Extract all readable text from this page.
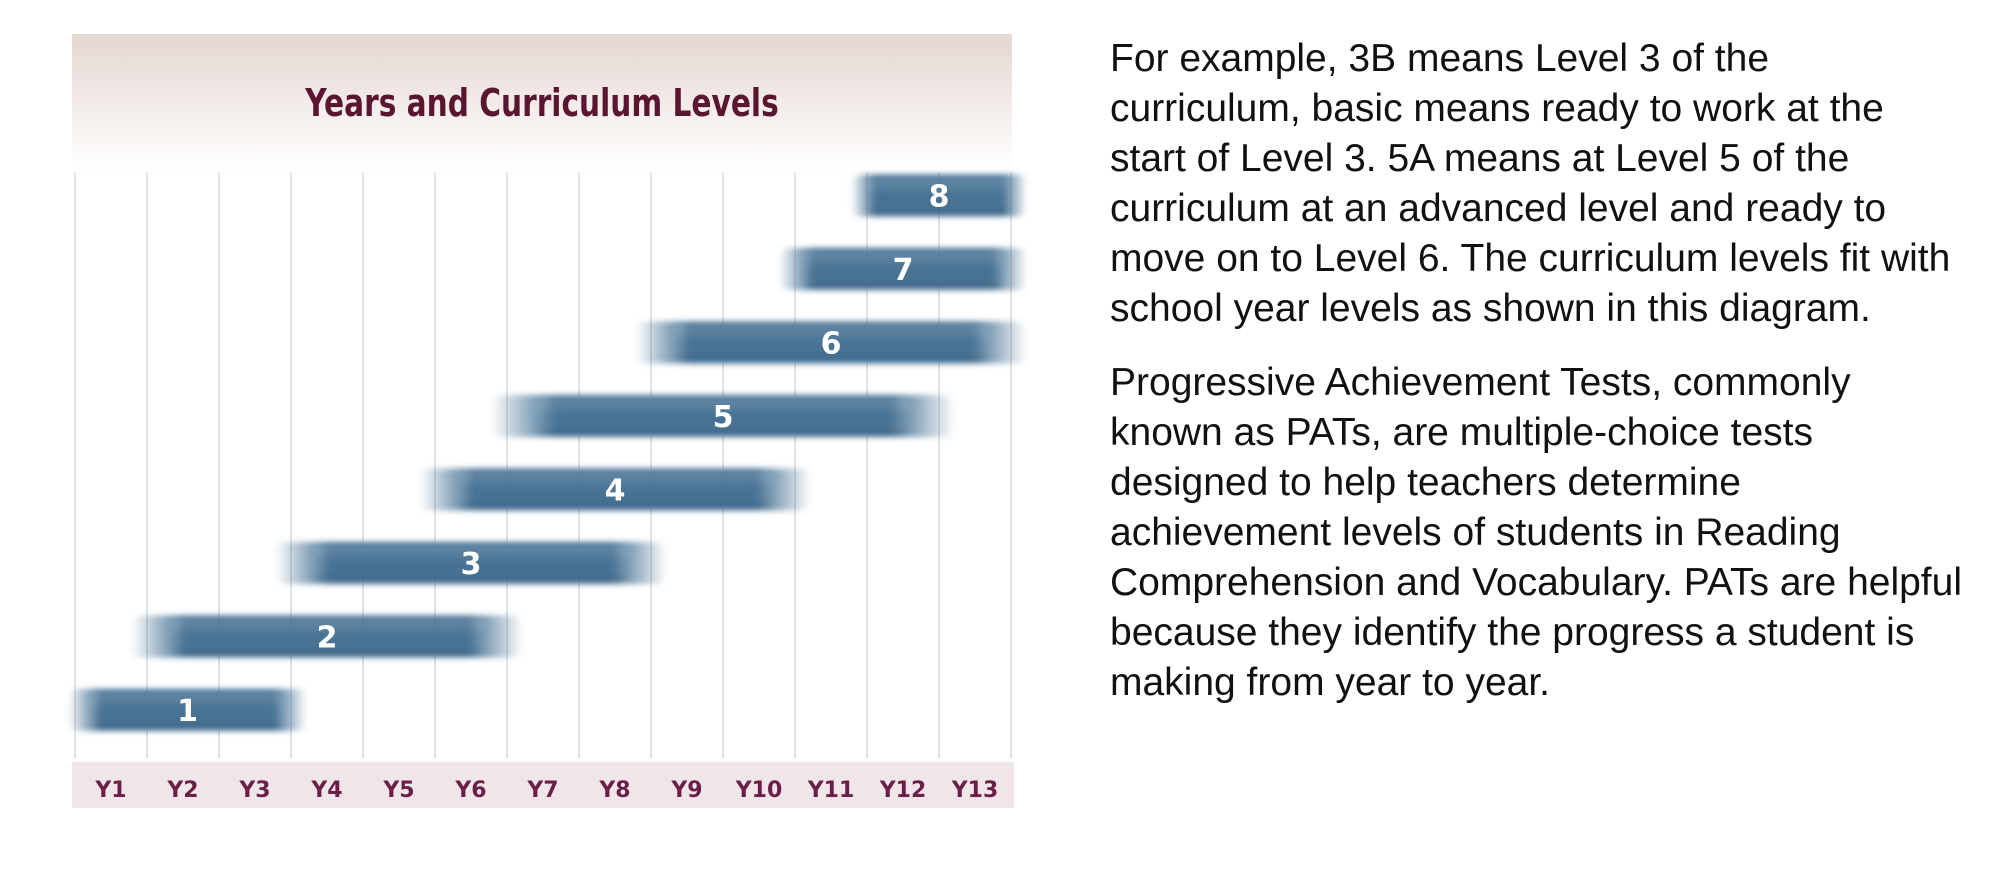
Years and Curriculum Levels
1
2
3
4
5
6
7
8
Y1 Y2 Y3 Y4 Y5 Y6 Y7 Y8 Y9 Y10 Y11 Y12 Y13

For example, 3B means Level 3 of the curriculum, basic means ready to work at the start of Level 3. 5A means at Level 5 of the curriculum at an advanced level and ready to move on to Level 6. The curriculum levels fit with school year levels as shown in this diagram.

Progressive Achievement Tests, commonly known as PATs, are multiple-choice tests designed to help teachers determine achievement levels of students in Reading Comprehension and Vocabulary. PATs are helpful because they identify the progress a student is making from year to year.
